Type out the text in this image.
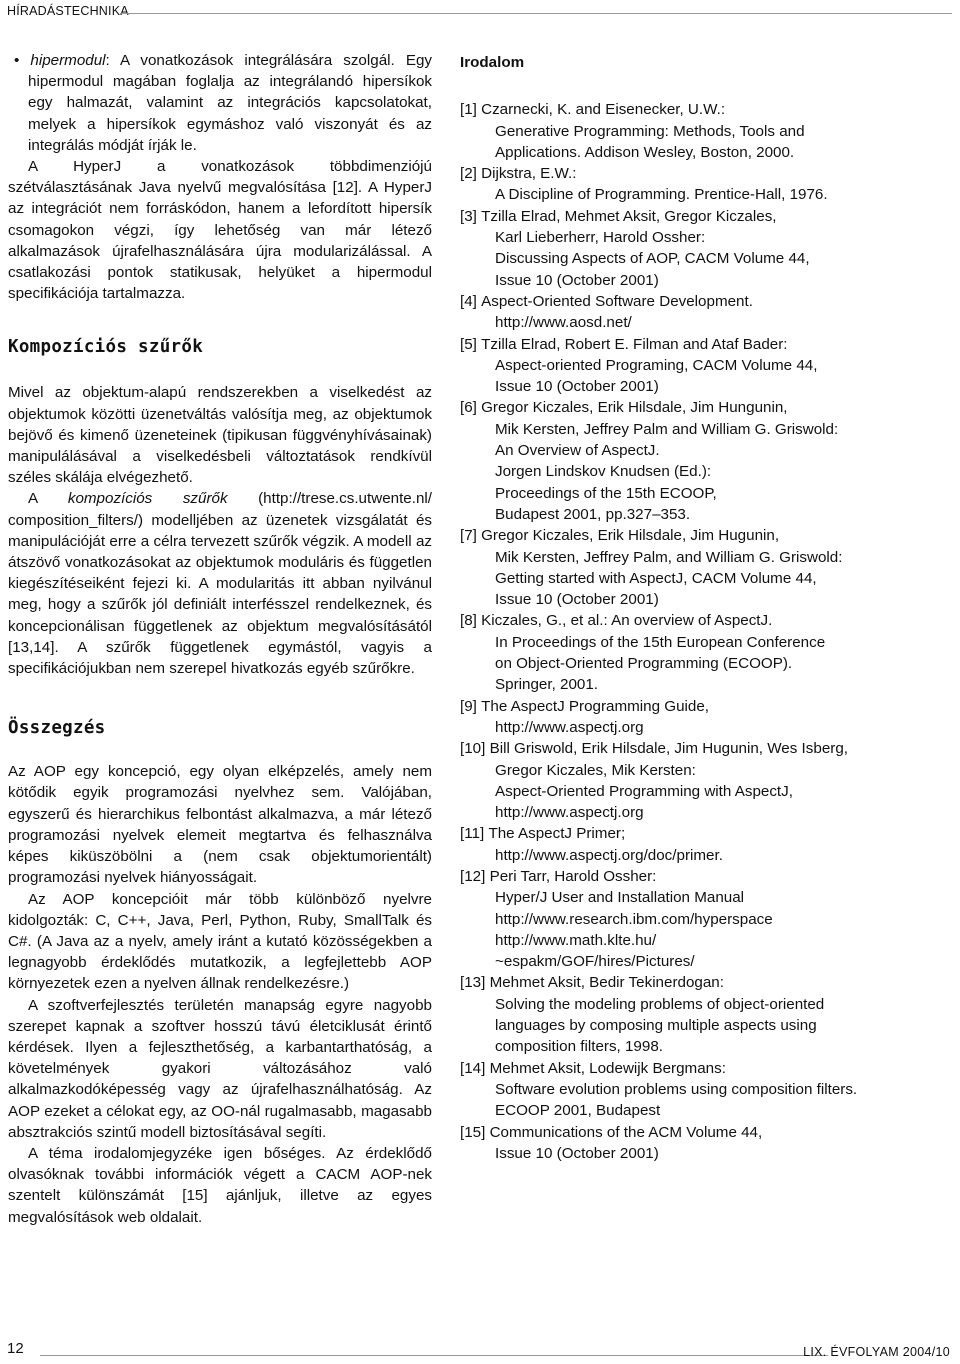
HÍRADÁSTECHNIKA

• hipermodul: A vonatkozások integrálására szolgál. Egy hipermodul magában foglalja az integrálandó hipersíkok egy halmazát, valamint az integrációs kapcsolatokat, melyek a hipersíkok egymáshoz való viszonyát és az integrálás módját írják le.

A HyperJ a vonatkozások többdimenziójú szétválasztásának Java nyelvű megvalósítása [12]. A HyperJ az integrációt nem forráskódon, hanem a lefordított hipersík csomagokon végzi, így lehetőség van már létező alkalmazások újrafelhasználására újra modularizálással. A csatlakozási pontok statikusak, helyüket a hipermodul specifikációja tartalmazza.

Kompozíciós szűrők

Mivel az objektum-alapú rendszerekben a viselkedést az objektumok közötti üzenetváltás valósítja meg, az objektumok bejövő és kimenő üzeneteinek (tipikusan függvényhívásainak) manipulálásával a viselkedésbeli változtatások rendkívül széles skálája elvégezhető.

A kompozíciós szűrők (http://trese.cs.utwente.nl/ composition_filters/) modelljében az üzenetek vizsgálatát és manipulációját erre a célra tervezett szűrők végzik. A modell az átszövő vonatkozásokat az objektumok moduláris és független kiegészítéseiként fejezi ki. A modularitás itt abban nyilvánul meg, hogy a szűrők jól definiált interfésszel rendelkeznek, és koncepcionálisan függetlenek az objektum megvalósításától [13,14]. A szűrők függetlenek egymástól, vagyis a specifikációjukban nem szerepel hivatkozás egyéb szűrőkre.

Összegzés

Az AOP egy koncepció, egy olyan elképzelés, amely nem kötődik egyik programozási nyelvhez sem. Valójában, egyszerű és hierarchikus felbontást alkalmazva, a már létező programozási nyelvek elemeit megtartva és felhasználva képes kiküszöbölni a (nem csak objektumorientált) programozási nyelvek hiányosságait.

Az AOP koncepcióit már több különböző nyelvre kidolgozták: C, C++, Java, Perl, Python, Ruby, SmallTalk és C#. (A Java az a nyelv, amely iránt a kutató közösségekben a legnagyobb érdeklődés mutatkozik, a legfejlettebb AOP környezetek ezen a nyelven állnak rendelkezésre.)

A szoftverfejlesztés területén manapság egyre nagyobb szerepet kapnak a szoftver hosszú távú életciklusát érintő kérdések. Ilyen a fejleszthetőség, a karbantarthatóság, a követelmények gyakori változásához való alkalmazkodóképesség vagy az újrafelhasználhatóság. Az AOP ezeket a célokat egy, az OO-nál rugalmasabb, magasabb absztrakciós szintű modell biztosításával segíti.

A téma irodalomjegyzéke igen bőséges. Az érdeklődő olvasóknak további információk végett a CACM AOP-nek szentelt különszámát [15] ajánljuk, illetve az egyes megvalósítások web oldalait.

Irodalom
[1] Czarnecki, K. and Eisenecker, U.W.:
Generative Programming: Methods, Tools and
Applications. Addison Wesley, Boston, 2000.
[2] Dijkstra, E.W.:
A Discipline of Programming. Prentice-Hall, 1976.
[3] Tzilla Elrad, Mehmet Aksit, Gregor Kiczales,
Karl Lieberherr, Harold Ossher:
Discussing Aspects of AOP, CACM Volume 44,
Issue 10 (October 2001)
[4] Aspect-Oriented Software Development.
http://www.aosd.net/
[5] Tzilla Elrad, Robert E. Filman and Ataf Bader:
Aspect-oriented Programing, CACM Volume 44,
Issue 10 (October 2001)
[6] Gregor Kiczales, Erik Hilsdale, Jim Hungunin,
Mik Kersten, Jeffrey Palm and William G. Griswold:
An Overview of AspectJ.
Jorgen Lindskov Knudsen (Ed.):
Proceedings of the 15th ECOOP,
Budapest 2001, pp.327–353.
[7] Gregor Kiczales, Erik Hilsdale, Jim Hugunin,
Mik Kersten, Jeffrey Palm, and William G. Griswold:
Getting started with AspectJ, CACM Volume 44,
Issue 10 (October 2001)
[8] Kiczales, G., et al.: An overview of AspectJ.
In Proceedings of the 15th European Conference
on Object-Oriented Programming (ECOOP).
Springer, 2001.
[9] The AspectJ Programming Guide,
http://www.aspectj.org
[10] Bill Griswold, Erik Hilsdale, Jim Hugunin, Wes Isberg,
Gregor Kiczales, Mik Kersten:
Aspect-Oriented Programming with AspectJ,
http://www.aspectj.org
[11] The AspectJ Primer;
http://www.aspectj.org/doc/primer.
[12] Peri Tarr, Harold Ossher:
Hyper/J User and Installation Manual
http://www.research.ibm.com/hyperspace
http://www.math.klte.hu/
~espakm/GOF/hires/Pictures/
[13] Mehmet Aksit, Bedir Tekinerdogan:
Solving the modeling problems of object-oriented
languages by composing multiple aspects using
composition filters, 1998.
[14] Mehmet Aksit, Lodewijk Bergmans:
Software evolution problems using composition filters.
ECOOP 2001, Budapest
[15] Communications of the ACM Volume 44,
Issue 10 (October 2001)
12	LIX. ÉVFOLYAM 2004/10
